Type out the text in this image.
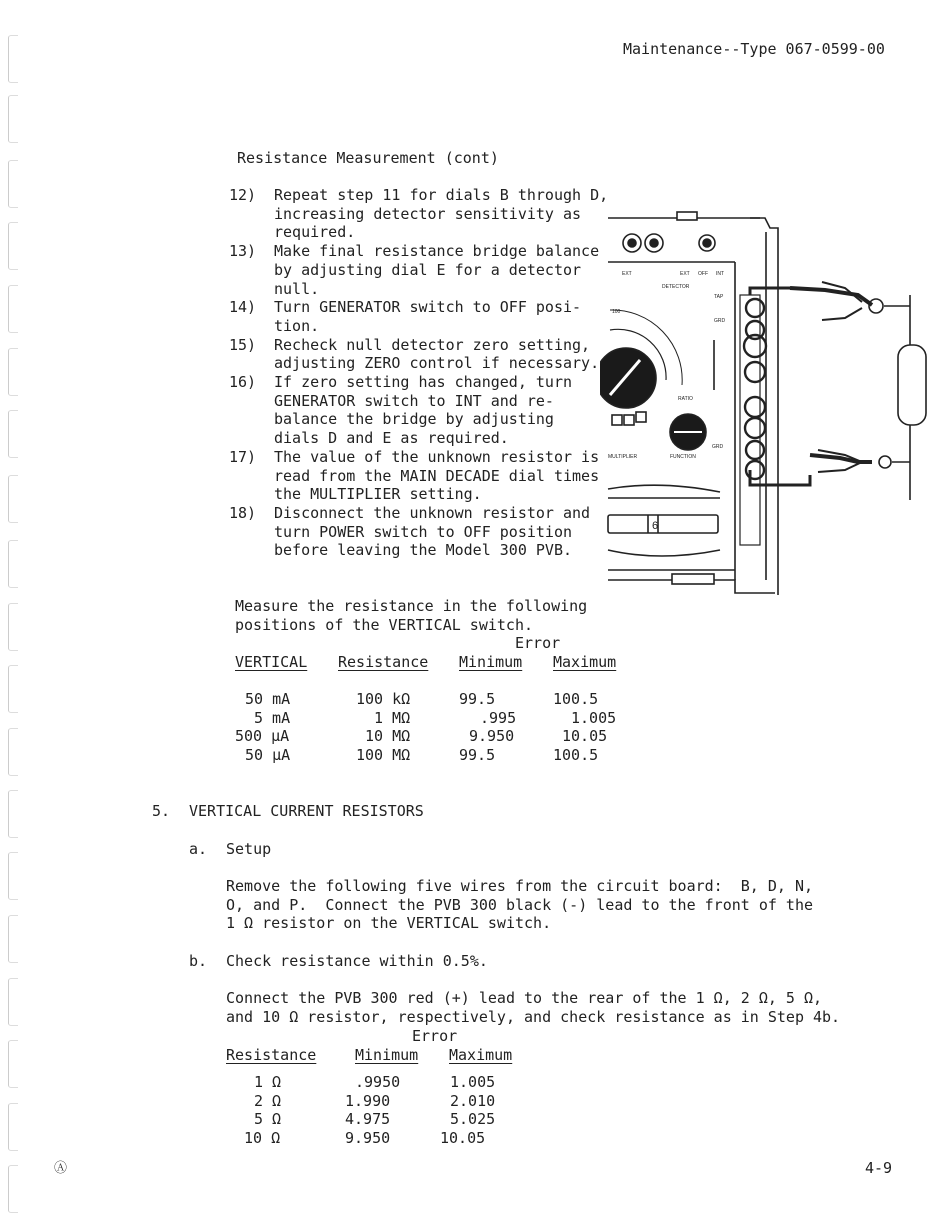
Maintenance--Type 067-0599-00
Resistance Measurement (cont)
12) Repeat step 11 for dials B through D,
increasing detector sensitivity as
required.
13) Make final resistance bridge balance
by adjusting dial E for a detector
null.
14) Turn GENERATOR switch to OFF posi-
tion.
15) Recheck null detector zero setting,
adjusting ZERO control if necessary.
16) If zero setting has changed, turn
GENERATOR switch to INT and re-
balance the bridge by adjusting
dials D and E as required.
17) The value of the unknown resistor is
read from the MAIN DECADE dial times
the MULTIPLIER setting.
18) Disconnect the unknown resistor and
turn POWER switch to OFF position
before leaving the Model 300 PVB.
EXT	EXT OFF INT
DETECTOR
TAP
GRD
GRD
100
FUNCTION
MULTIPLIER
RATIO
6
Measure the resistance in the following
positions of the VERTICAL switch.
Error
VERTICAL Resistance Minimum Maximum
50 mA	100 kΩ	99.5	100.5
5 mA	1 MΩ	.995	1.005
500 μA	10 MΩ	9.950	10.05
50 μA	100 MΩ	99.5	100.5
5. VERTICAL CURRENT RESISTORS
a. Setup
Remove the following five wires from the circuit board:  B, D, N,
O, and P.  Connect the PVB 300 black (-) lead to the front of the
1 Ω resistor on the VERTICAL switch.
b. Check resistance within 0.5%.
Connect the PVB 300 red (+) lead to the rear of the 1 Ω, 2 Ω, 5 Ω,
and 10 Ω resistor, respectively, and check resistance as in Step 4b.
Error
Resistance	Minimum Maximum
1 Ω	.9950	1.005
2 Ω	1.990	2.010
5 Ω	4.975	5.025
10 Ω	9.950	10.05
Ⓐ	4-9
